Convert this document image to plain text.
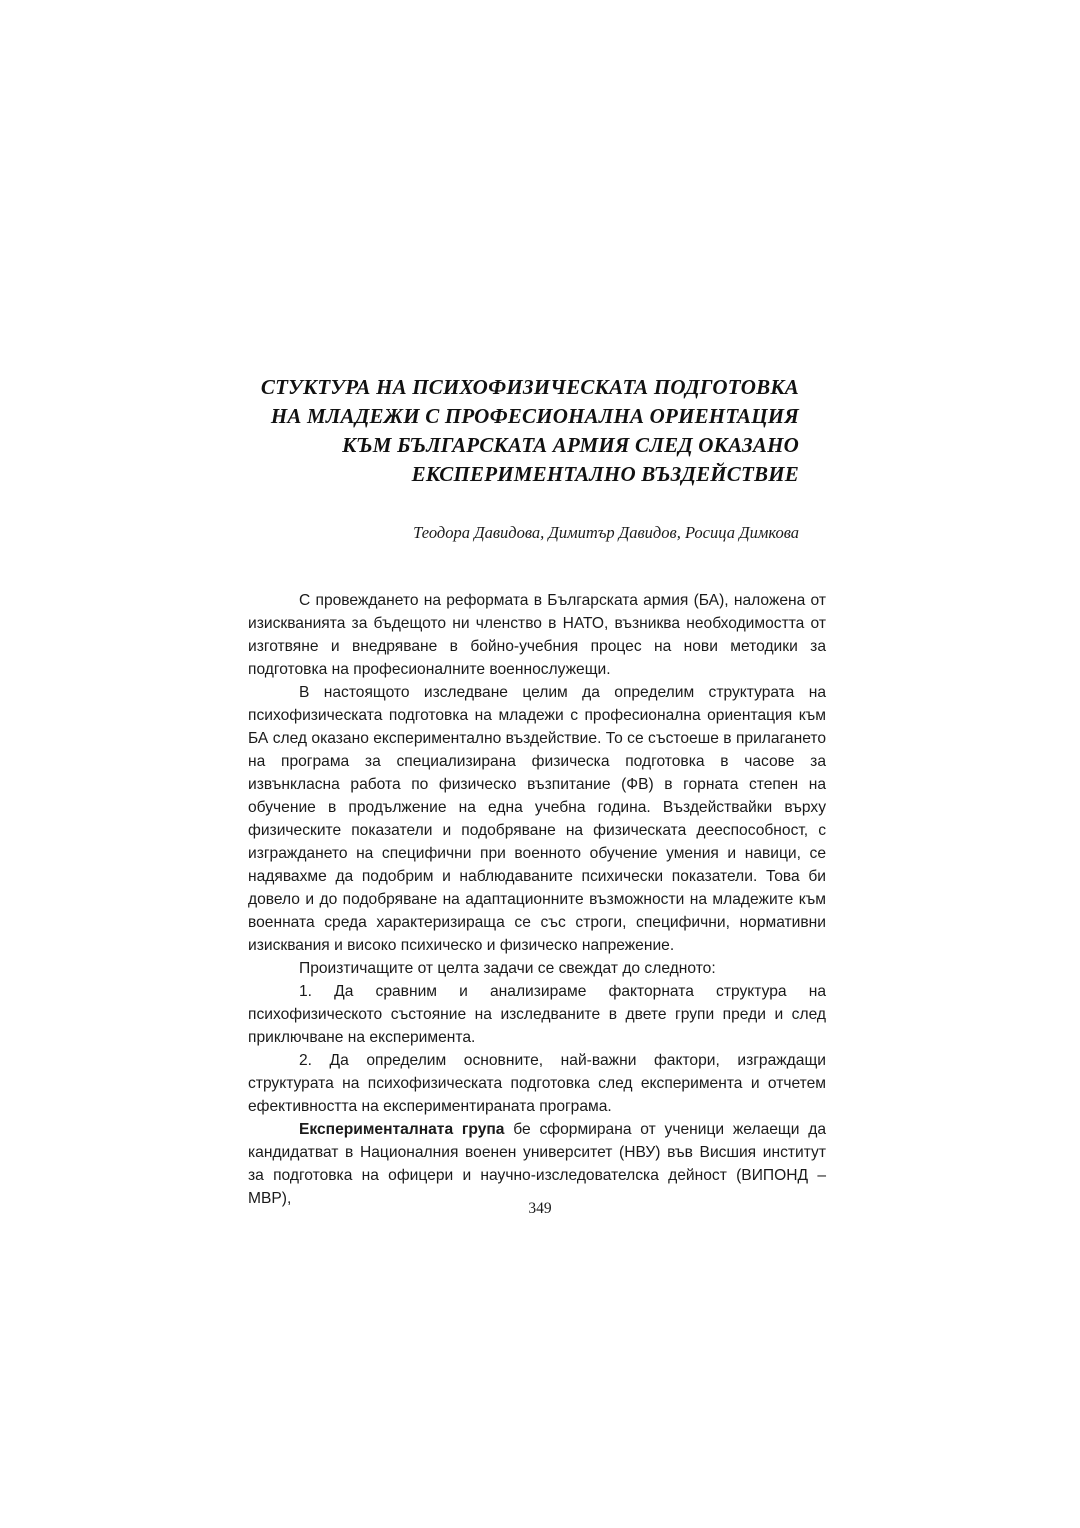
СТУКТУРА НА ПСИХОФИЗИЧЕСКАТА ПОДГОТОВКА
НА МЛАДЕЖИ С ПРОФЕСИОНАЛНА ОРИЕНТАЦИЯ
КЪМ БЪЛГАРСКАТА АРМИЯ СЛЕД ОКАЗАНО
ЕКСПЕРИМЕНТАЛНО ВЪЗДЕЙСТВИЕ
Теодора Давидова, Димитър Давидов, Росица Димкова

С провеждането на реформата в Българската армия (БА), наложена от изискванията за бъдещото ни членство в НАТО, възниква необходимостта от изготвяне и внедряване в бойно-учебния процес на нови методики за подготовка на професионалните военнослужещи.

В настоящото изследване целим да определим структурата на психофизическата подготовка на младежи с професионална ориентация към БА след оказано експериментално въздействие. То се състоеше в прилагането на програма за специализирана физическа подготовка в часове за извънкласна работа по физическо възпитание (ФВ) в горната степен на обучение в продължение на една учебна година. Въздействайки върху физическите показатели и подобряване на физическата дееспособност, с изграждането на специфични при военното обучение умения и навици, се надявахме да подобрим и наблюдаваните психически показатели. Това би довело и до подобряване на адаптационните възможности на младежите към военната среда характеризираща се със строги, специфични, нормативни изисквания и високо психическо и физическо напрежение.

Произтичащите от целта задачи се свеждат до следното:

1. Да сравним и анализираме факторната структура на психофизическото състояние на изследваните в двете групи преди и след приключване на експеримента.

2. Да определим основните, най-важни фактори, изграждащи структурата на психофизическата подготовка след експеримента и отчетем ефективността на експериментираната програма.

Експерименталната група бе сформирана от ученици желаещи да кандидатват в Националния военен университет (НВУ) във Висшия институт за подготовка на офицери и научно-изследователска дейност (ВИПОНД – МВР),

349
